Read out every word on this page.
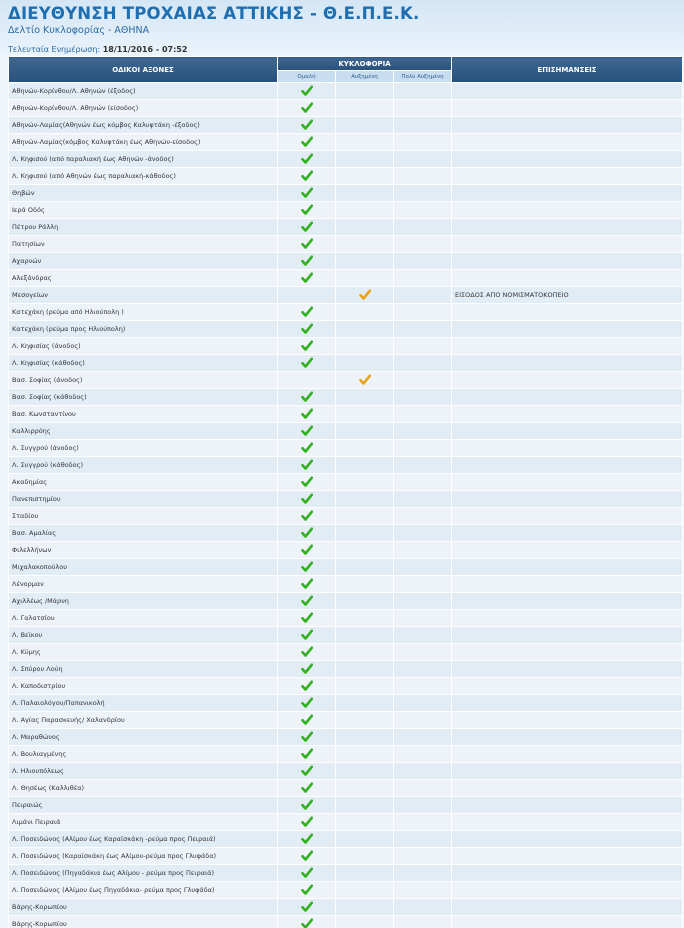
ΔΙΕΥΘΥΝΣΗ ΤΡΟΧΑΙΑΣ ΑΤΤΙΚΗΣ - Θ.Ε.Π.Ε.Κ.
Δελτίο Κυκλοφορίας - ΑΘΗΝΑ
Τελευταία Ενημέρωση: 18/11/2016 - 07:52
ΟΔΙΚΟΙ ΑΞΟΝΕΣ	ΚΥΚΛΟΦΟΡΙΑ			ΕΠΙΣΗΜΑΝΣΕΙΣ
	Ομαλή	Αυξημένη	Πολύ Αυξημένη	
Αθηνών-Κορίνθου/Λ. Αθηνών (έξοδος)				
Αθηνών-Κορίνθου/Λ. Αθηνών (είσοδος)				
Αθηνών-Λαμίας(Αθηνών έως κόμβος Καλυφτάκη -έξοδος)				
Αθηνών-Λαμίας(κόμβος Καλυφτάκη έως Αθηνών-είσοδος)				
Λ. Κηφισού (από παραλιακή έως Αθηνών -άνοδος)				
Λ. Κηφισού (από Αθηνών έως παραλιακή-κάθοδος)				
Θηβών				
Ιερά Οδός				
Πέτρου Ράλλη				
Πατησίων				
Αχαρνών				
Αλεξάνδρας				
Μεσογείων				ΕΙΣΟΔΟΣ ΑΠΟ ΝΟΜΙΣΜΑΤΟΚΟΠΕΙΟ
Κατεχάκη (ρεύμα από Ηλιούπολη )				
Κατεχάκη (ρεύμα προς Ηλιούπολη)				
Λ. Κηφισίας (άνοδος)				
Λ. Κηφισίας (κάθοδος)				
Βασ. Σοφίας (άνοδος)				
Βασ. Σοφίας (κάθοδος)				
Βασ. Κωνσταντίνου				
Καλλιρρόης				
Λ. Συγγρού (άνοδος)				
Λ. Συγγρού (κάθοδος)				
Ακαδημίας				
Πανεπιστημίου				
Σταδίου				
Βασ. Αμαλίας				
Φιλελλήνων				
Μιχαλακοπούλου				
Λένορμαν				
Αχιλλέως /Μάρνη				
Λ. Γαλατσίου				
Λ. Βεϊκου				
Λ. Κύμης				
Λ. Σπύρου Λούη				
Λ. Καποδιστρίου				
Λ. Παλαιολόγου/Παπανικολή				
Λ. Αγίας Παρασκευής/ Χαλανδρίου				
Λ. Μαραθώνος				
Λ. Βουλιαγμένης				
Λ. Ηλιουπόλεως				
Λ. Θησέως (Καλλιθέα)				
Πειραιώς				
Λιμάνι Πειραιά				
Λ. Ποσειδώνος (Αλίμου έως Καραϊσκάκη -ρεύμα προς Πειραιά)				
Λ. Ποσειδώνος (Καραϊσκάκη έως Αλίμου-ρεύμα προς Γλυφάδα)				
Λ. Ποσειδώνος (Πηγαδάκια έως Αλίμου - ρεύμα προς Πειραιά)				
Λ. Ποσειδώνος (Αλίμου έως Πηγαδάκια- ρεύμα προς Γλυφάδα)				
Βάρης-Κορωπίου				
Βάρης-Κορωπίου				
